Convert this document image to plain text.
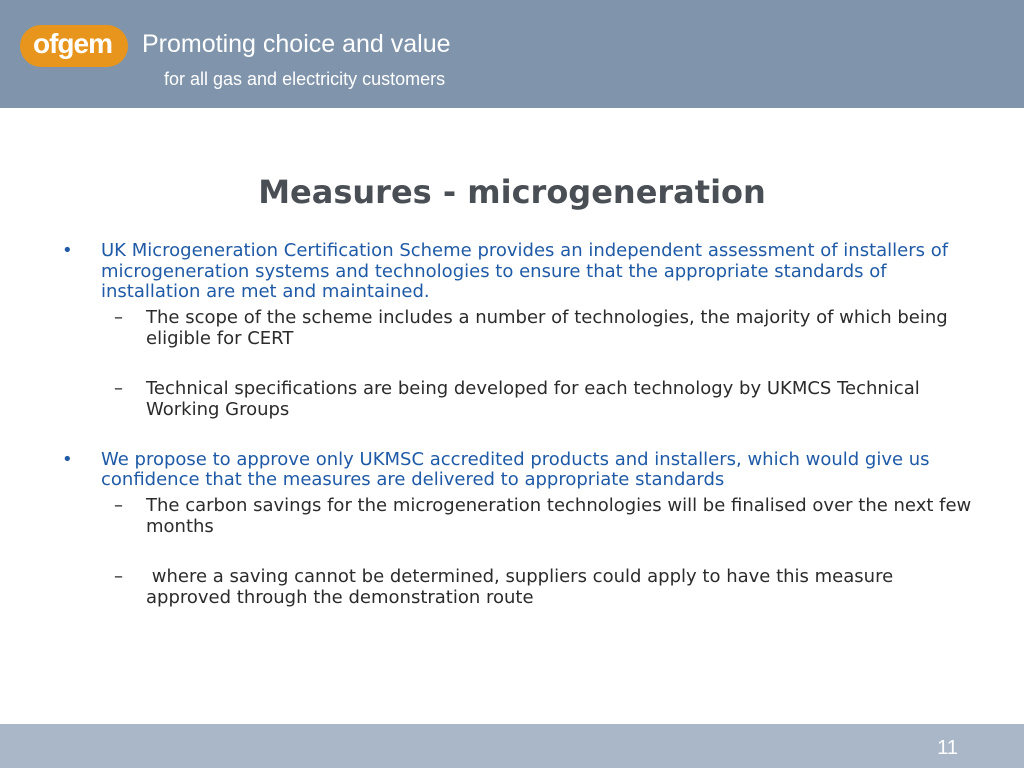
ofgem Promoting choice and value
for all gas and electricity customers
Measures - microgeneration
• UK Microgeneration Certification Scheme provides an independent assessment of installers of microgeneration systems and technologies to ensure that the appropriate standards of installation are met and maintained.
– The scope of the scheme includes a number of technologies, the majority of which being eligible for CERT
– Technical specifications are being developed for each technology by UKMCS Technical Working Groups
• We propose to approve only UKMSC accredited products and installers, which would give us confidence that the measures are delivered to appropriate standards
– The carbon savings for the microgeneration technologies will be finalised over the next few months
– where a saving cannot be determined, suppliers could apply to have this measure approved through the demonstration route
11
